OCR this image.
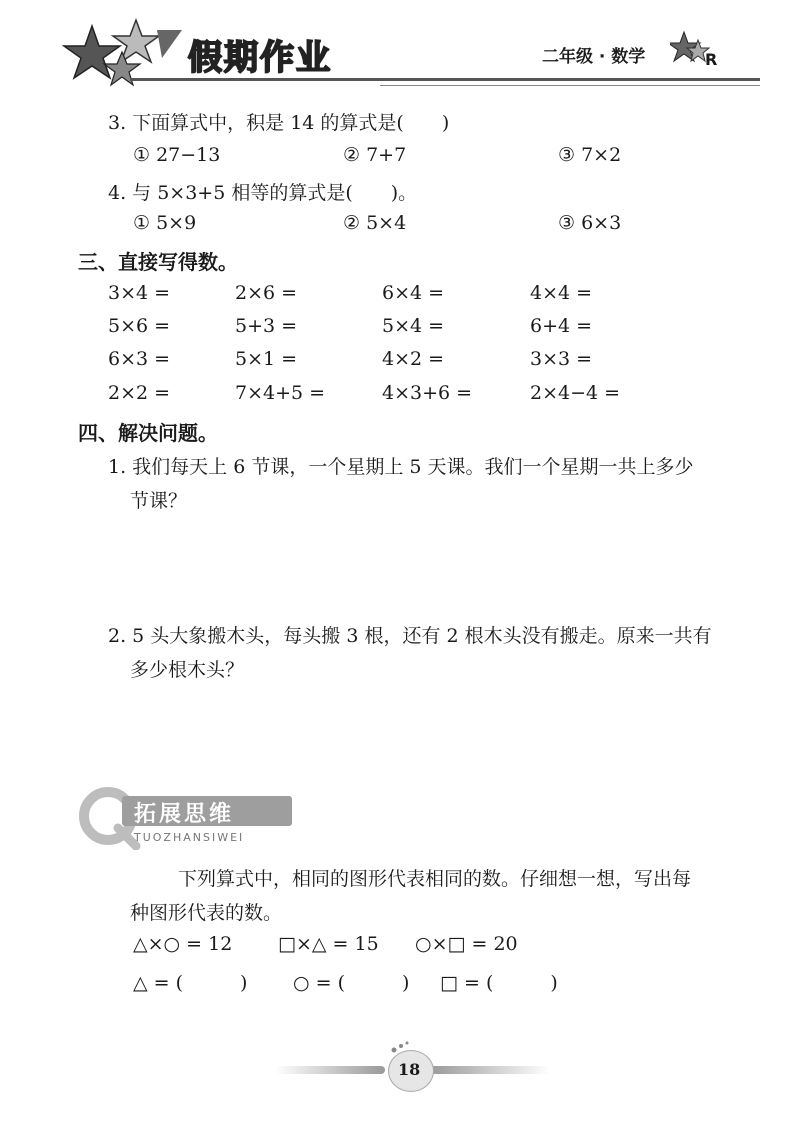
假期作业	二年级 · 数学	R
3. 下面算式中，积是 14 的算式是(　　)
① 27−13	② 7+7	③ 7×2
4. 与 5×3+5 相等的算式是(　　)。
① 5×9	② 5×4	③ 6×3
三、直接写得数。
3×4 =	2×6 =	6×4 =	4×4 =
5×6 =	5+3 =	5×4 =	6+4 =
6×3 =	5×1 =	4×2 =	3×3 =
2×2 =	7×4+5 =	4×3+6 =	2×4−4 =
四、解决问题。
1. 我们每天上 6 节课，一个星期上 5 天课。我们一个星期一共上多少
节课？
2. 5 头大象搬木头，每头搬 3 根，还有 2 根木头没有搬走。原来一共有
多少根木头？
拓展思维
TUOZHANSIWEI
下列算式中，相同的图形代表相同的数。仔细想一想，写出每
种图形代表的数。
△×○ = 12 □×△ = 15 ○×□ = 20
△ = (　　　) ○ = (　　　) □ = (　　　)
18
